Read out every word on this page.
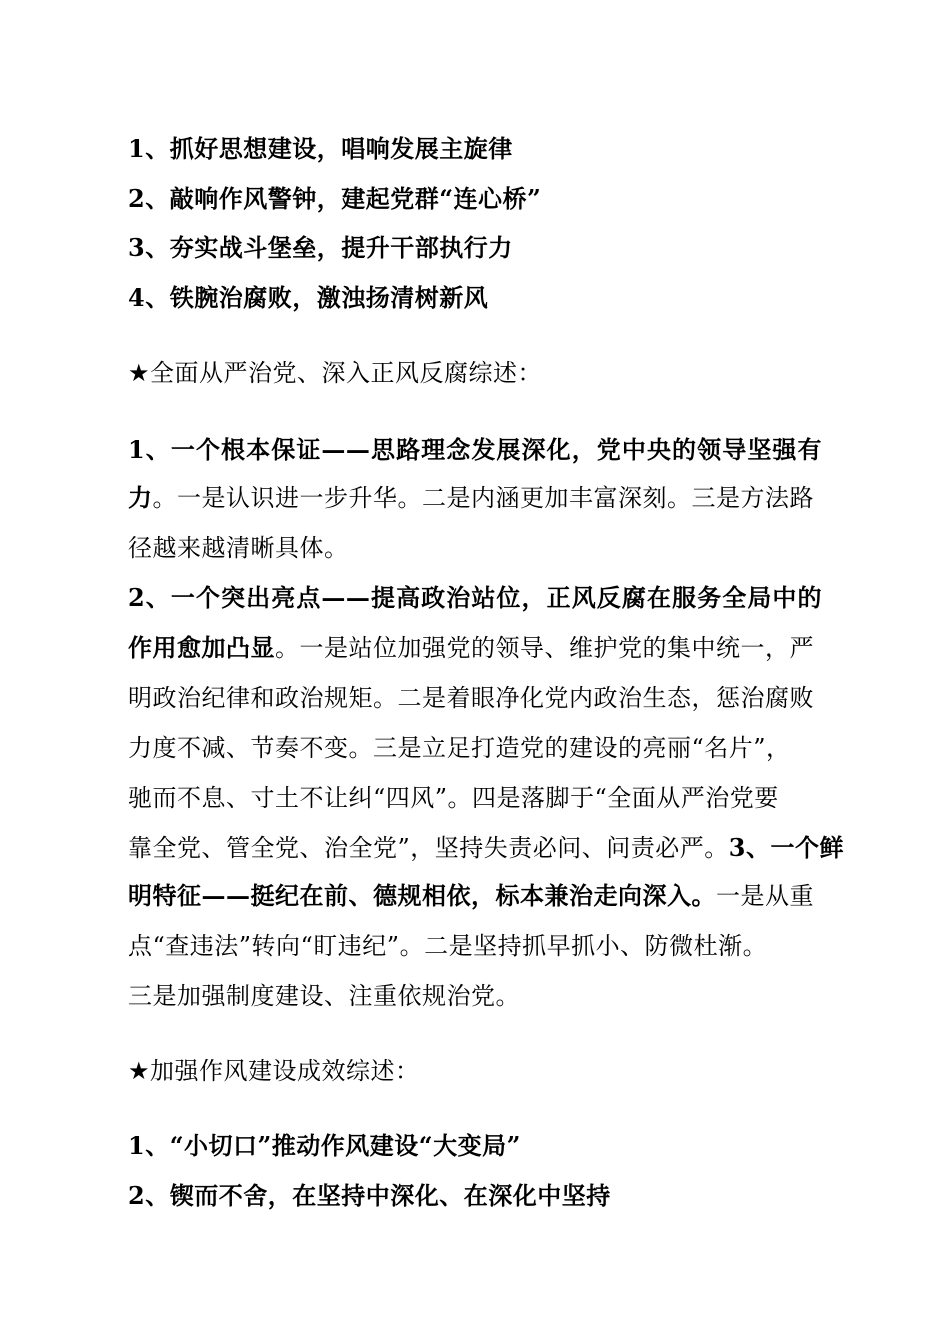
1、抓好思想建设，唱响发展主旋律
2、敲响作风警钟，建起党群“连心桥”
3、夯实战斗堡垒，提升干部执行力
4、铁腕治腐败，激浊扬清树新风
★全面从严治党、深入正风反腐综述：
1、一个根本保证——思路理念发展深化，党中央的领导坚强有
力。一是认识进一步升华。二是内涵更加丰富深刻。三是方法路
径越来越清晰具体。
2、一个突出亮点——提高政治站位，正风反腐在服务全局中的
作用愈加凸显。一是站位加强党的领导、维护党的集中统一，严
明政治纪律和政治规矩。二是着眼净化党内政治生态，惩治腐败
力度不减、节奏不变。三是立足打造党的建设的亮丽“名片”，
驰而不息、寸土不让纠“四风”。四是落脚于“全面从严治党要
靠全党、管全党、治全党”，坚持失责必问、问责必严。3、一个鲜
明特征——挺纪在前、德规相依，标本兼治走向深入。一是从重
点“查违法”转向“盯违纪”。二是坚持抓早抓小、防微杜渐。
三是加强制度建设、注重依规治党。
★加强作风建设成效综述：
1、“小切口”推动作风建设“大变局”
2、锲而不舍，在坚持中深化、在深化中坚持
